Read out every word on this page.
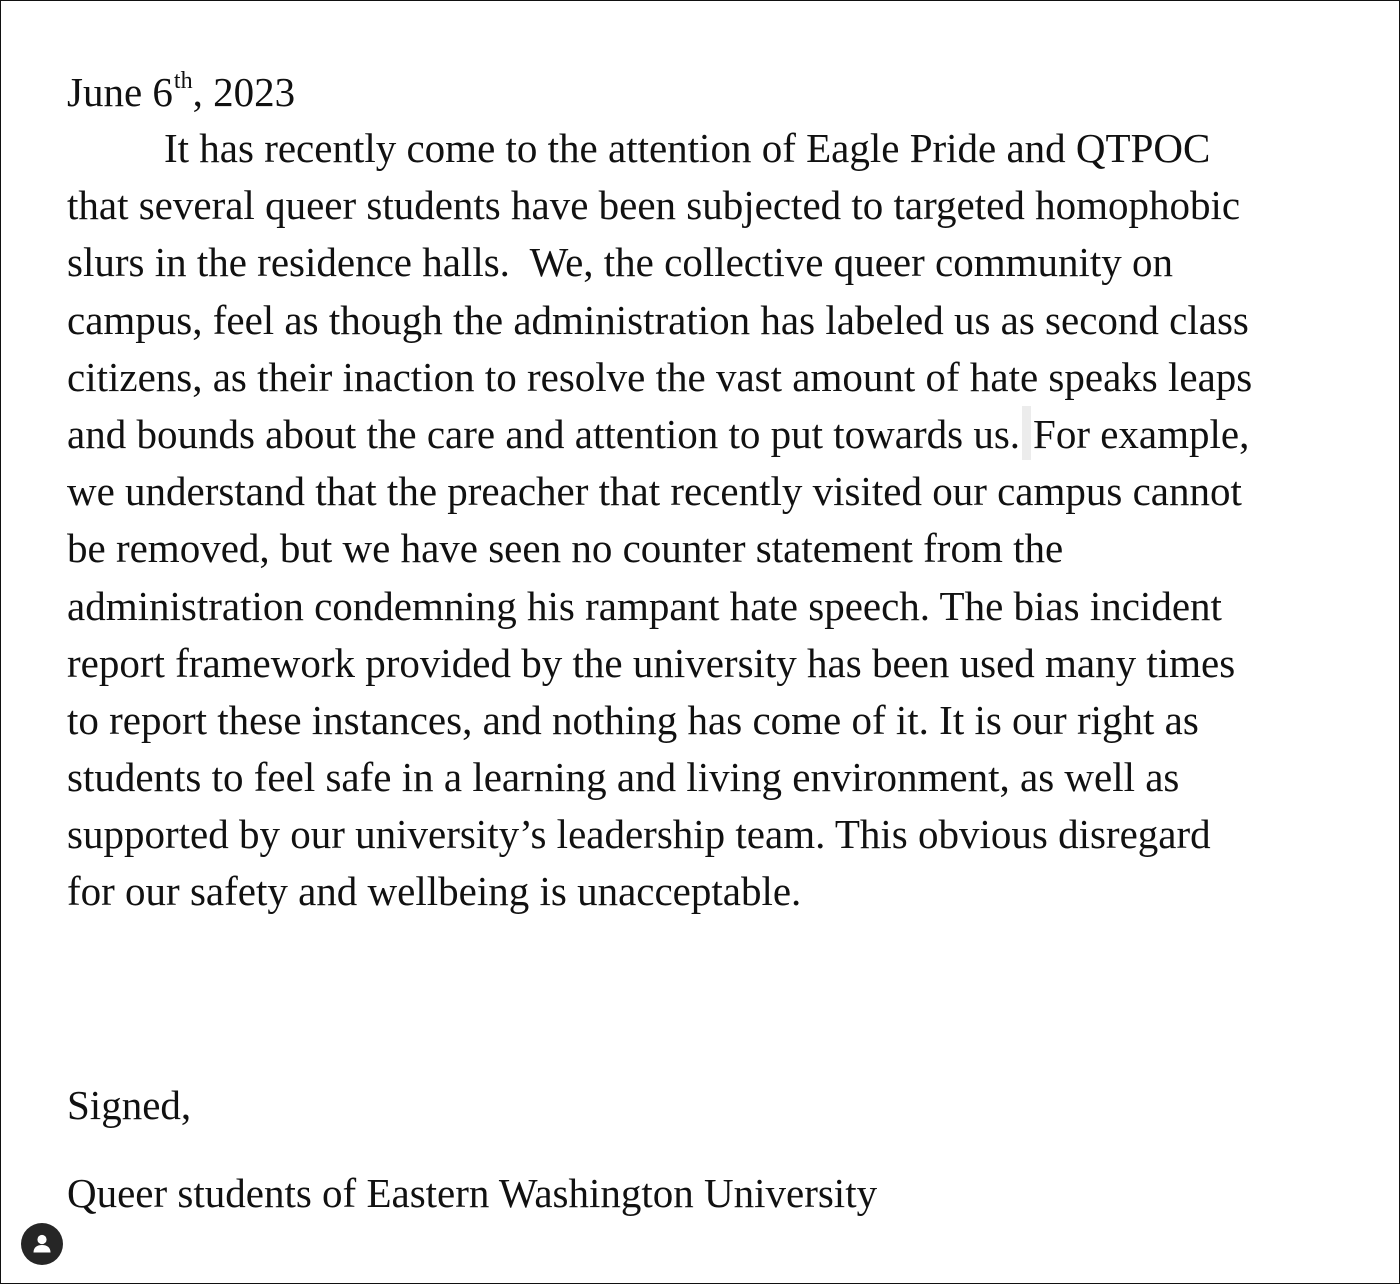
June 6th, 2023

It has recently come to the attention of Eagle Pride and QTPOC

that several queer students have been subjected to targeted homophobic

slurs in the residence halls.  We, the collective queer community on

campus, feel as though the administration has labeled us as second class

citizens, as their inaction to resolve the vast amount of hate speaks leaps

and bounds about the care and attention to put towards us. For example,

we understand that the preacher that recently visited our campus cannot

be removed, but we have seen no counter statement from the

administration condemning his rampant hate speech. The bias incident

report framework provided by the university has been used many times

to report these instances, and nothing has come of it. It is our right as

students to feel safe in a learning and living environment, as well as

supported by our university’s leadership team. This obvious disregard

for our safety and wellbeing is unacceptable.

Signed,

Queer students of Eastern Washington University
